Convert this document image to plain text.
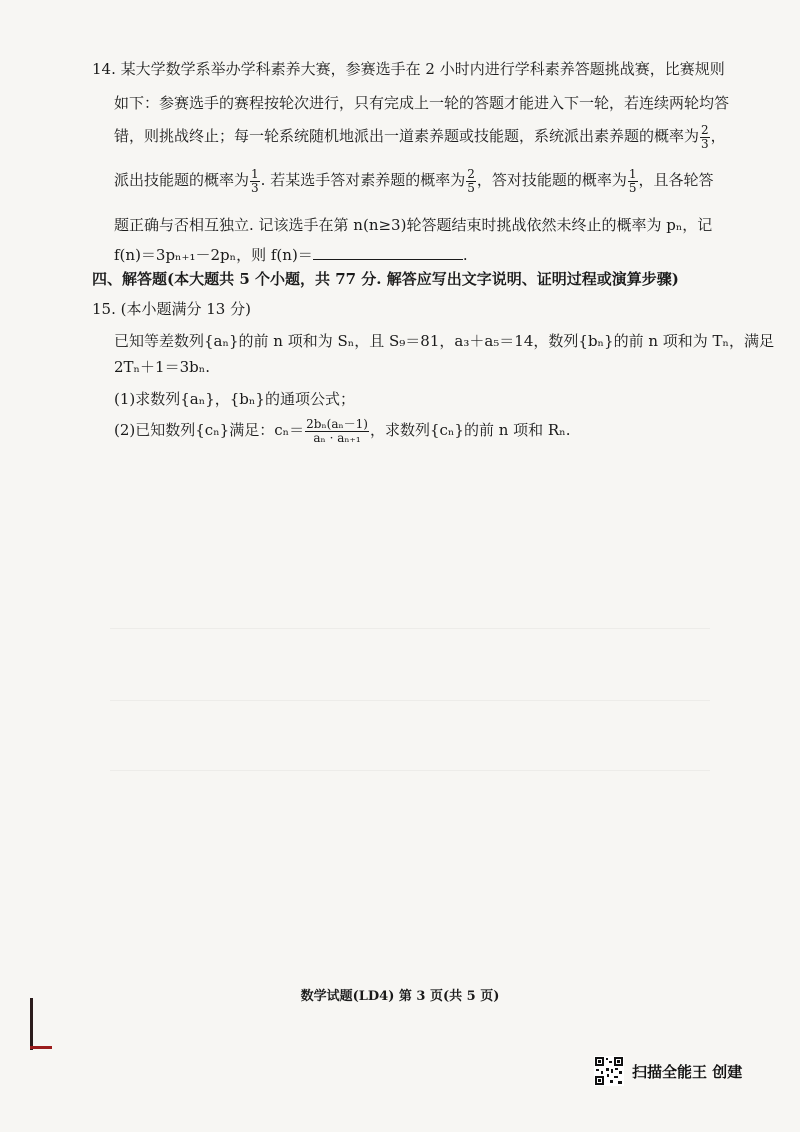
14. 某大学数学系举办学科素养大赛，参赛选手在 2 小时内进行学科素养答题挑战赛，比赛规则
如下：参赛选手的赛程按轮次进行，只有完成上一轮的答题才能进入下一轮，若连续两轮均答
错，则挑战终止；每一轮系统随机地派出一道素养题或技能题，系统派出素养题的概率为 $\frac{2}{3}$ ，
派出技能题的概率为 $\frac{1}{3}$ . 若某选手答对素养题的概率为 $\frac{2}{5}$ ，答对技能题的概率为 $\frac{1}{5}$ ，且各轮答
题正确与否相互独立. 记该选手在第 n(n≥3)轮答题结束时挑战依然未终止的概率为 pₙ，记
f(n)＝3pₙ₊₁－2pₙ，则 f(n)＝	.
四、解答题(本大题共 5 个小题，共 77 分. 解答应写出文字说明、证明过程或演算步骤)
15. (本小题满分 13 分)
已知等差数列{aₙ}的前 n 项和为 Sₙ，且 S₉＝81，a₃＋a₅＝14，数列{bₙ}的前 n 项和为 Tₙ，满足
2Tₙ＋1＝3bₙ.
(1)求数列{aₙ}，{bₙ}的通项公式；
(2)已知数列{cₙ}满足：$c_n= \frac{\text{2bₙ(aₙ－1)}}{\text{aₙ · aₙ₊₁}}$ ，求数列{cₙ}的前 n 项和 Rₙ.
数学试题(LD4) 第 3 页(共 5 页)
扫描全能王 创建
